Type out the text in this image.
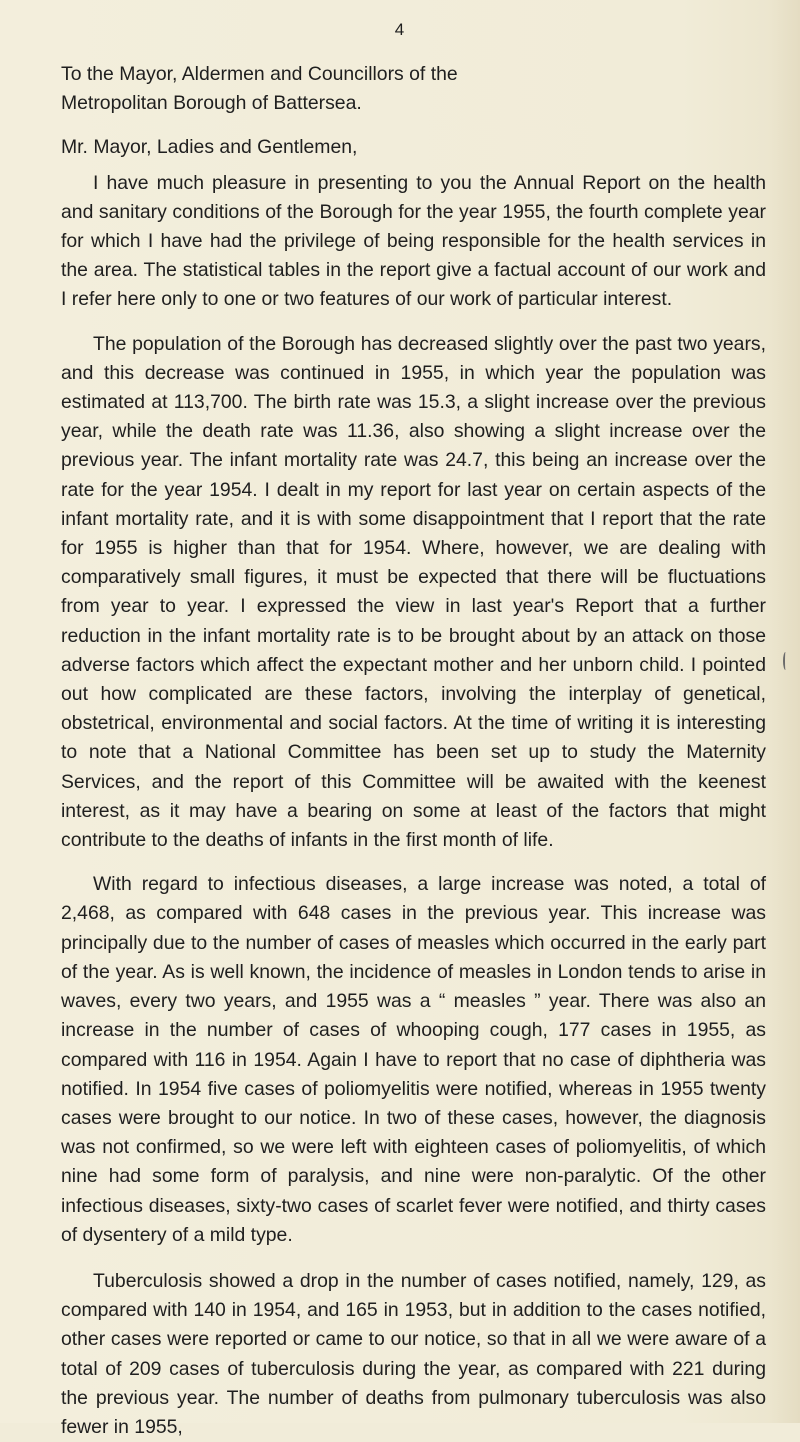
4

To the Mayor, Aldermen and Councillors of the

Metropolitan Borough of Battersea.

Mr. Mayor, Ladies and Gentlemen,

I have much pleasure in presenting to you the Annual Report on the health and sanitary conditions of the Borough for the year 1955, the fourth complete year for which I have had the privilege of being responsible for the health services in the area. The statistical tables in the report give a factual account of our work and I refer here only to one or two features of our work of particular interest.

The population of the Borough has decreased slightly over the past two years, and this decrease was continued in 1955, in which year the population was estimated at 113,700. The birth rate was 15.3, a slight increase over the previous year, while the death rate was 11.36, also showing a slight increase over the previous year. The infant mortality rate was 24.7, this being an increase over the rate for the year 1954. I dealt in my report for last year on certain aspects of the infant mortality rate, and it is with some disappointment that I report that the rate for 1955 is higher than that for 1954. Where, however, we are dealing with comparatively small figures, it must be expected that there will be fluctuations from year to year. I expressed the view in last year's Report that a further reduction in the infant mortality rate is to be brought about by an attack on those adverse factors which affect the expectant mother and her unborn child. I pointed out how complicated are these factors, involving the interplay of genetical, obstetrical, environmental and social factors. At the time of writing it is interesting to note that a National Committee has been set up to study the Maternity Services, and the report of this Committee will be awaited with the keenest interest, as it may have a bearing on some at least of the factors that might contribute to the deaths of infants in the first month of life.

With regard to infectious diseases, a large increase was noted, a total of 2,468, as compared with 648 cases in the previous year. This increase was principally due to the number of cases of measles which occurred in the early part of the year. As is well known, the incidence of measles in London tends to arise in waves, every two years, and 1955 was a “ measles ” year. There was also an increase in the number of cases of whooping cough, 177 cases in 1955, as compared with 116 in 1954. Again I have to report that no case of diphtheria was notified. In 1954 five cases of poliomyelitis were notified, whereas in 1955 twenty cases were brought to our notice. In two of these cases, however, the diagnosis was not confirmed, so we were left with eighteen cases of poliomyelitis, of which nine had some form of paralysis, and nine were non-paralytic. Of the other infectious diseases, sixty-two cases of scarlet fever were notified, and thirty cases of dysentery of a mild type.

Tuberculosis showed a drop in the number of cases notified, namely, 129, as compared with 140 in 1954, and 165 in 1953, but in addition to the cases notified, other cases were reported or came to our notice, so that in all we were aware of a total of 209 cases of tuberculosis during the year, as compared with 221 during the previous year. The number of deaths from pulmonary tuberculosis was also fewer in 1955,
